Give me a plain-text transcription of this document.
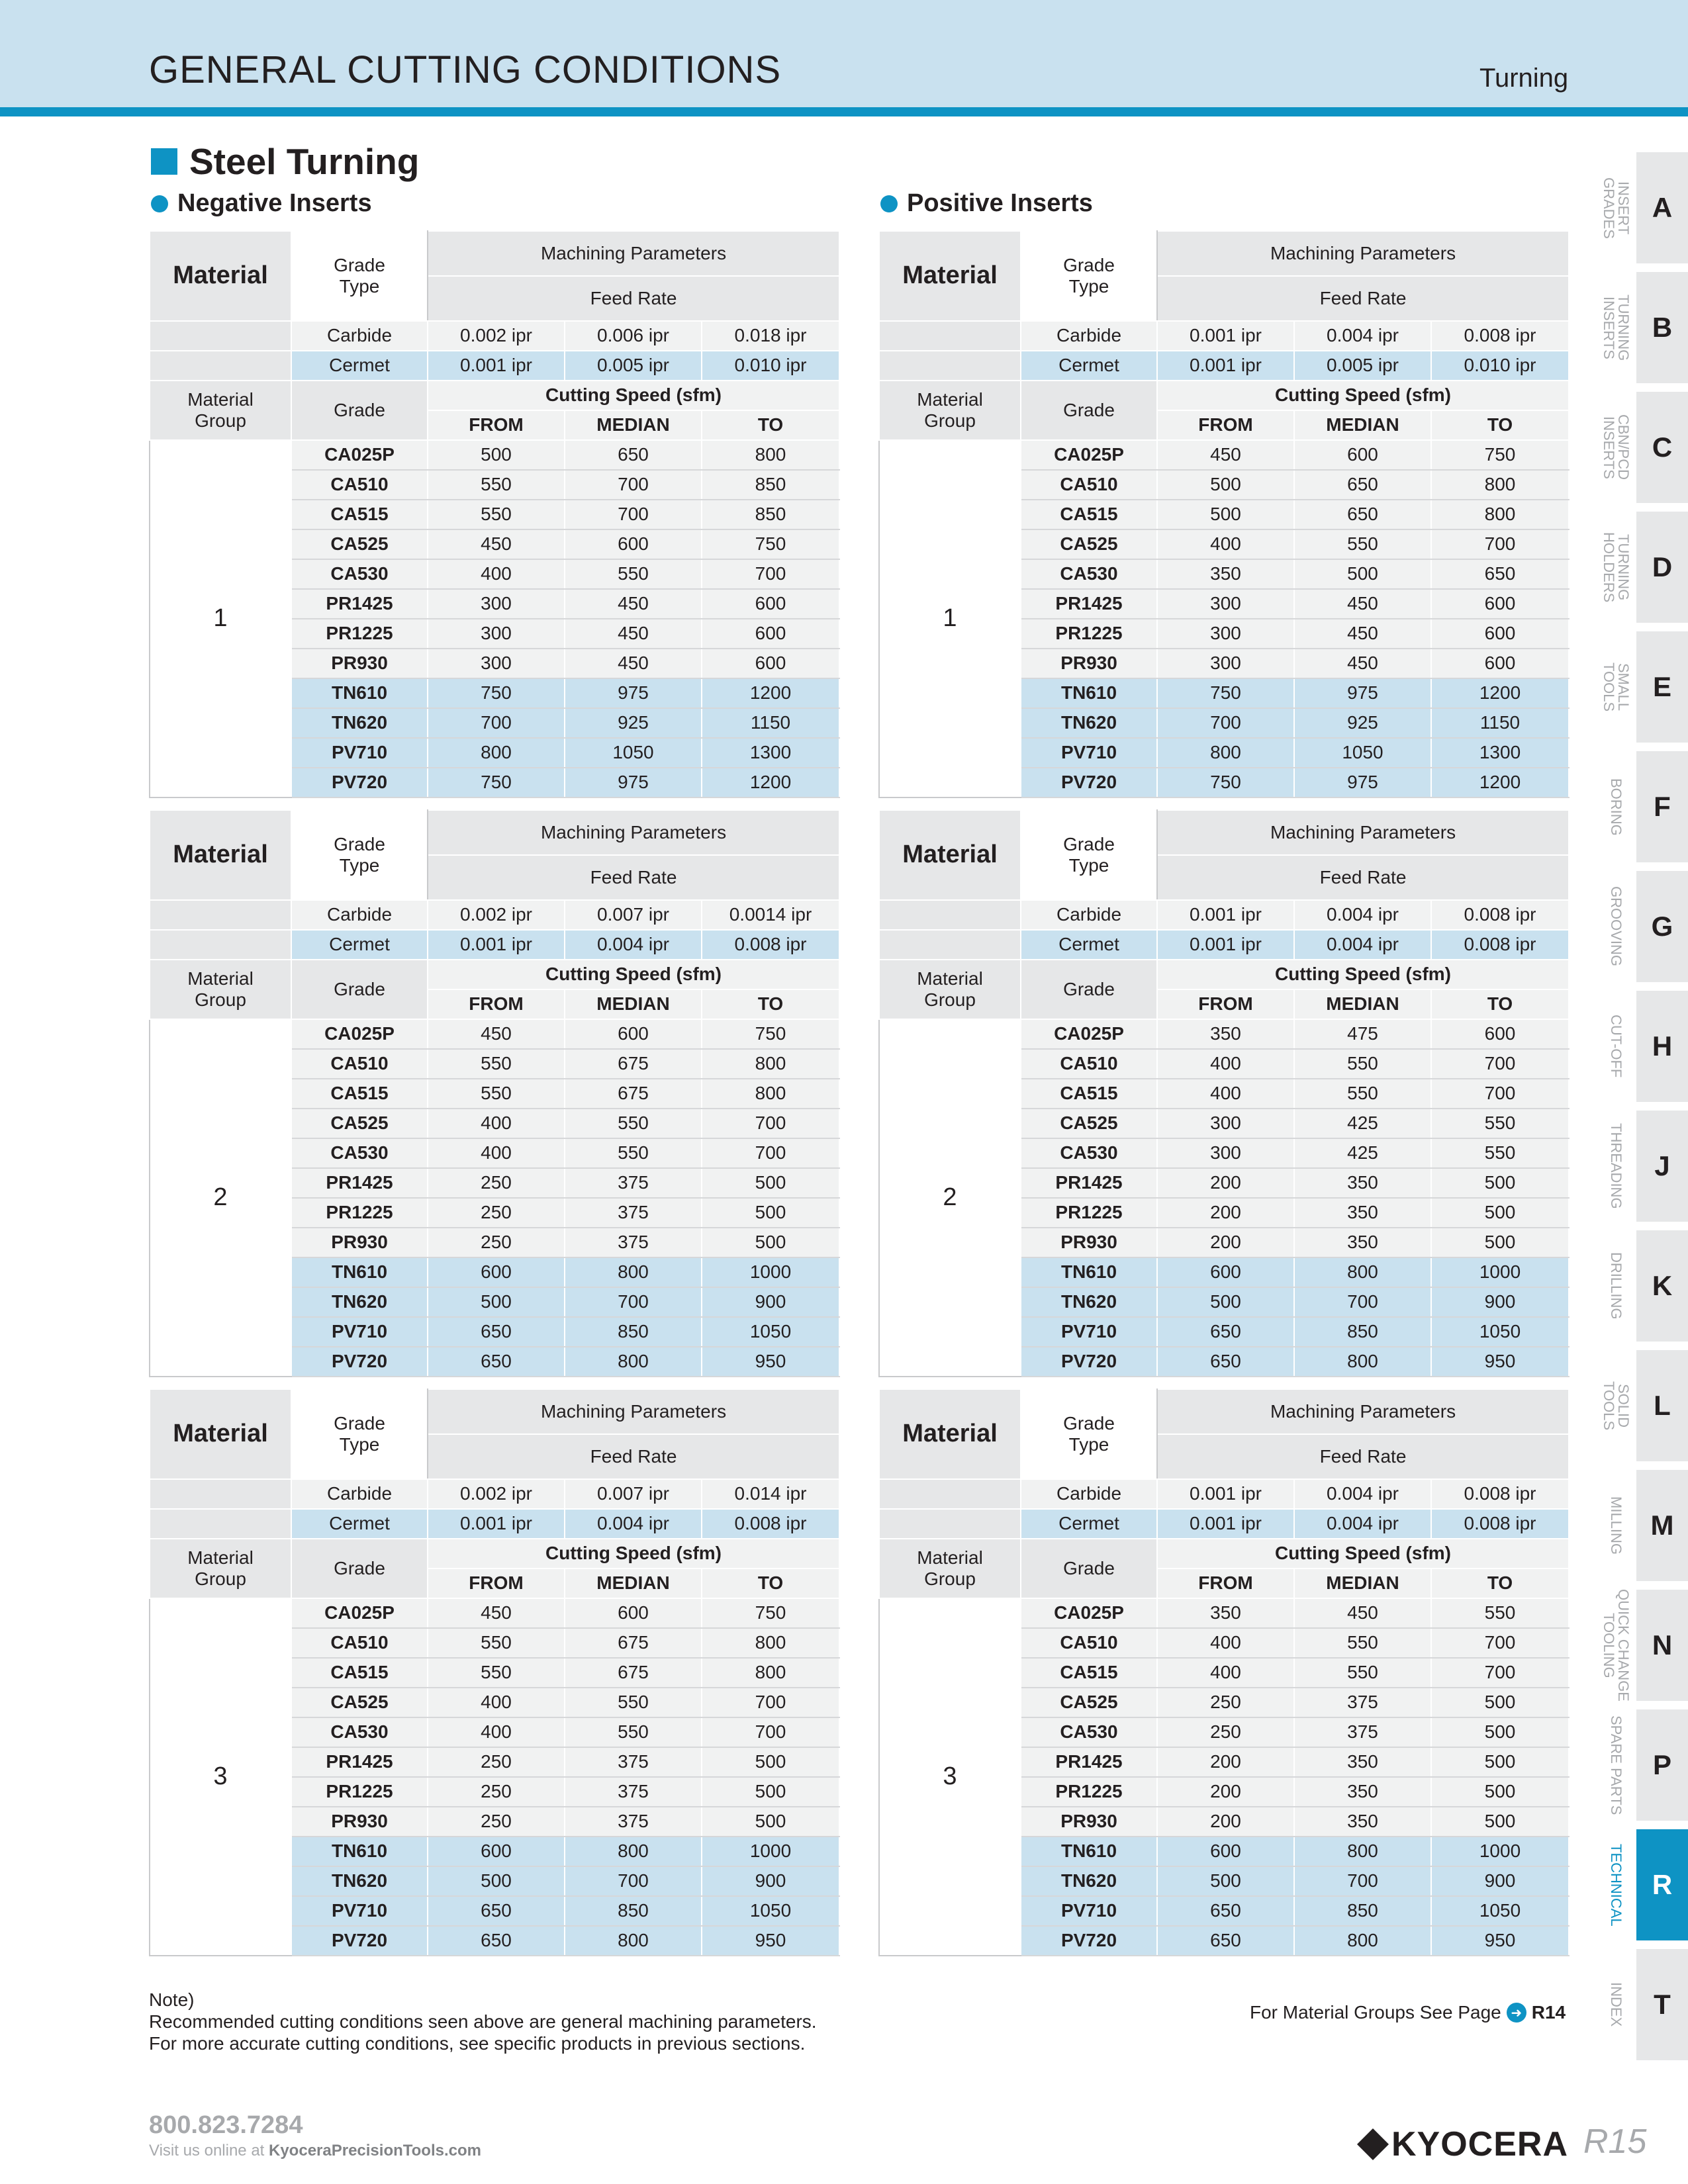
GENERAL CUTTING CONDITIONS	Turning
Steel Turning
Negative Inserts	Positive Inserts
Material	Grade
Type	Machining Parameters		
		Feed Rate		
	Carbide	0.002 ipr	0.006 ipr	0.018 ipr
	Cermet	0.001 ipr	0.005 ipr	0.010 ipr
Material
Group	Grade	Cutting Speed (sfm)		
		FROM	MEDIAN	TO
1	CA025P	500	650	800
	CA510	550	700	850
	CA515	550	700	850
	CA525	450	600	750
	CA530	400	550	700
	PR1425	300	450	600
	PR1225	300	450	600
	PR930	300	450	600
	TN610	750	975	1200
	TN620	700	925	1150
	PV710	800	1050	1300
	PV720	750	975	1200
Material	Grade
Type	Machining Parameters		
		Feed Rate		
	Carbide	0.001 ipr	0.004 ipr	0.008 ipr
	Cermet	0.001 ipr	0.005 ipr	0.010 ipr
Material
Group	Grade	Cutting Speed (sfm)		
		FROM	MEDIAN	TO
1	CA025P	450	600	750
	CA510	500	650	800
	CA515	500	650	800
	CA525	400	550	700
	CA530	350	500	650
	PR1425	300	450	600
	PR1225	300	450	600
	PR930	300	450	600
	TN610	750	975	1200
	TN620	700	925	1150
	PV710	800	1050	1300
	PV720	750	975	1200
Material	Grade
Type	Machining Parameters		
		Feed Rate		
	Carbide	0.002 ipr	0.007 ipr	0.0014 ipr
	Cermet	0.001 ipr	0.004 ipr	0.008 ipr
Material
Group	Grade	Cutting Speed (sfm)		
		FROM	MEDIAN	TO
2	CA025P	450	600	750
	CA510	550	675	800
	CA515	550	675	800
	CA525	400	550	700
	CA530	400	550	700
	PR1425	250	375	500
	PR1225	250	375	500
	PR930	250	375	500
	TN610	600	800	1000
	TN620	500	700	900
	PV710	650	850	1050
	PV720	650	800	950
Material	Grade
Type	Machining Parameters		
		Feed Rate		
	Carbide	0.001 ipr	0.004 ipr	0.008 ipr
	Cermet	0.001 ipr	0.004 ipr	0.008 ipr
Material
Group	Grade	Cutting Speed (sfm)		
		FROM	MEDIAN	TO
2	CA025P	350	475	600
	CA510	400	550	700
	CA515	400	550	700
	CA525	300	425	550
	CA530	300	425	550
	PR1425	200	350	500
	PR1225	200	350	500
	PR930	200	350	500
	TN610	600	800	1000
	TN620	500	700	900
	PV710	650	850	1050
	PV720	650	800	950
Material	Grade
Type	Machining Parameters		
		Feed Rate		
	Carbide	0.002 ipr	0.007 ipr	0.014 ipr
	Cermet	0.001 ipr	0.004 ipr	0.008 ipr
Material
Group	Grade	Cutting Speed (sfm)		
		FROM	MEDIAN	TO
3	CA025P	450	600	750
	CA510	550	675	800
	CA515	550	675	800
	CA525	400	550	700
	CA530	400	550	700
	PR1425	250	375	500
	PR1225	250	375	500
	PR930	250	375	500
	TN610	600	800	1000
	TN620	500	700	900
	PV710	650	850	1050
	PV720	650	800	950
Material	Grade
Type	Machining Parameters		
		Feed Rate		
	Carbide	0.001 ipr	0.004 ipr	0.008 ipr
	Cermet	0.001 ipr	0.004 ipr	0.008 ipr
Material
Group	Grade	Cutting Speed (sfm)		
		FROM	MEDIAN	TO
3	CA025P	350	450	550
	CA510	400	550	700
	CA515	400	550	700
	CA525	250	375	500
	CA530	250	375	500
	PR1425	200	350	500
	PR1225	200	350	500
	PR930	200	350	500
	TN610	600	800	1000
	TN620	500	700	900
	PV710	650	850	1050
	PV720	650	800	950
INSERT
GRADES	A
TURNING
INSERTS	B
CBN/PCD
INSERTS	C
TURNING
HOLDERS	D
SMALL
TOOLS	E
BORING	F
GROOVING G
CUT-OFF H
THREADING	J
DRILLING K
SOLID
TOOLS	L
MILLING M
QUICK CHANGE
TOOLING	N
SPARE PARTS	P
TECHNICAL R
INDEX	T
Note)
Recommended cutting conditions seen above are general machining parameters.
For more accurate cutting conditions, see specific products in previous sections.
For Material Groups See Page ➜ R14
800.823.7284
Visit us online at KyoceraPrecisionTools.com	KYOCERA R15
